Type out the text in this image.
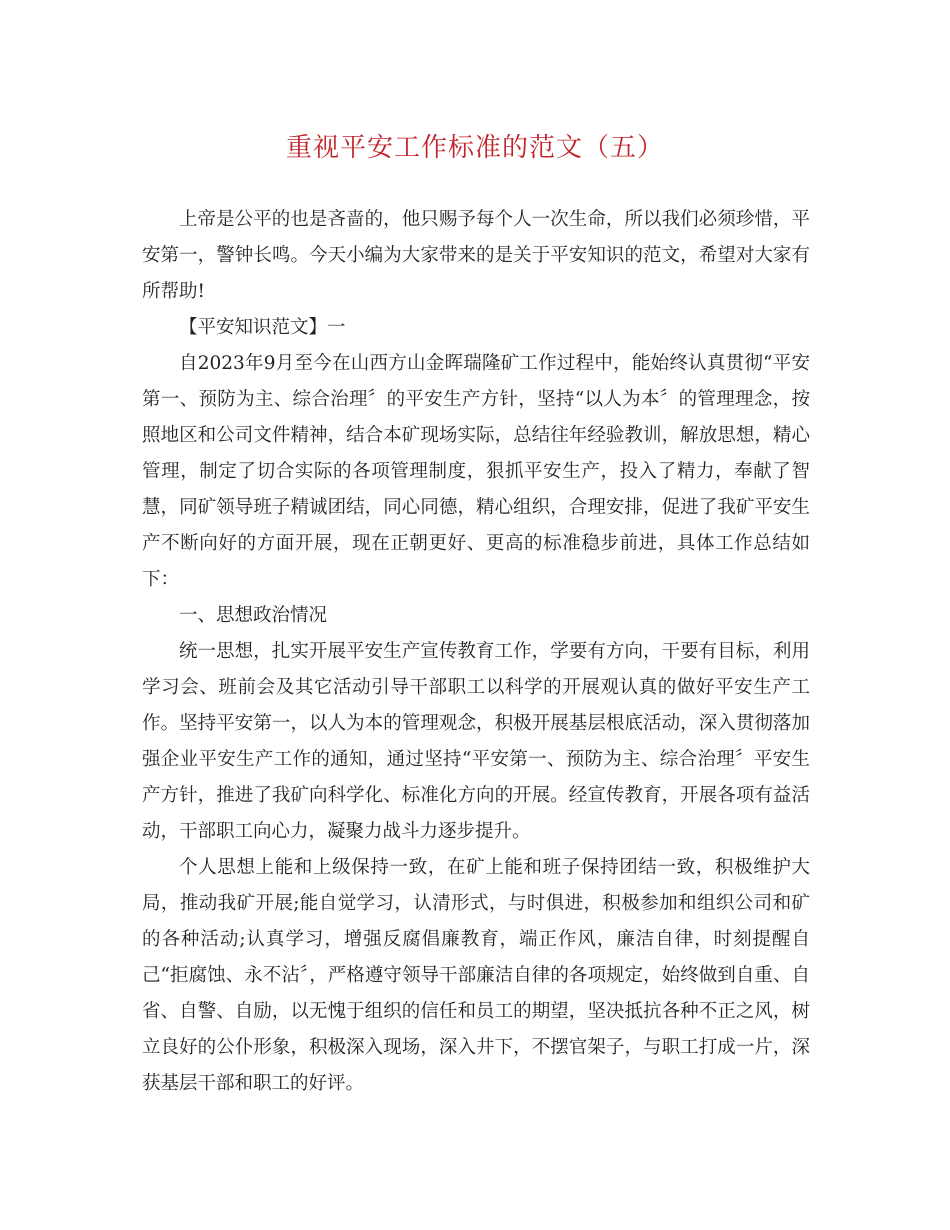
重视平安工作标准的范文（五）

上帝是公平的也是吝啬的，他只赐予每个人一次生命，所以我们必须珍惜，平安第一，警钟长鸣。今天小编为大家带来的是关于平安知识的范文，希望对大家有所帮助!

【平安知识范文】一

自2023年9月至今在山西方山金晖瑞隆矿工作过程中，能始终认真贯彻“平安第一、预防为主、综合治理〞的平安生产方针，坚持“以人为本〞的管理理念，按照地区和公司文件精神，结合本矿现场实际，总结往年经验教训，解放思想，精心管理，制定了切合实际的各项管理制度，狠抓平安生产，投入了精力，奉献了智慧，同矿领导班子精诚团结，同心同德，精心组织，合理安排，促进了我矿平安生产不断向好的方面开展，现在正朝更好、更高的标准稳步前进，具体工作总结如下：

一、思想政治情况

统一思想，扎实开展平安生产宣传教育工作，学要有方向，干要有目标，利用学习会、班前会及其它活动引导干部职工以科学的开展观认真的做好平安生产工作。坚持平安第一，以人为本的管理观念，积极开展基层根底活动，深入贯彻落加强企业平安生产工作的通知，通过坚持“平安第一、预防为主、综合治理〞平安生产方针，推进了我矿向科学化、标准化方向的开展。经宣传教育，开展各项有益活动，干部职工向心力，凝聚力战斗力逐步提升。

个人思想上能和上级保持一致，在矿上能和班子保持团结一致，积极维护大局，推动我矿开展;能自觉学习，认清形式，与时俱进，积极参加和组织公司和矿的各种活动;认真学习，增强反腐倡廉教育，端正作风，廉洁自律，时刻提醒自己“拒腐蚀、永不沾〞，严格遵守领导干部廉洁自律的各项规定，始终做到自重、自省、自警、自励，以无愧于组织的信任和员工的期望，坚决抵抗各种不正之风，树立良好的公仆形象，积极深入现场，深入井下，不摆官架子，与职工打成一片，深获基层干部和职工的好评。
